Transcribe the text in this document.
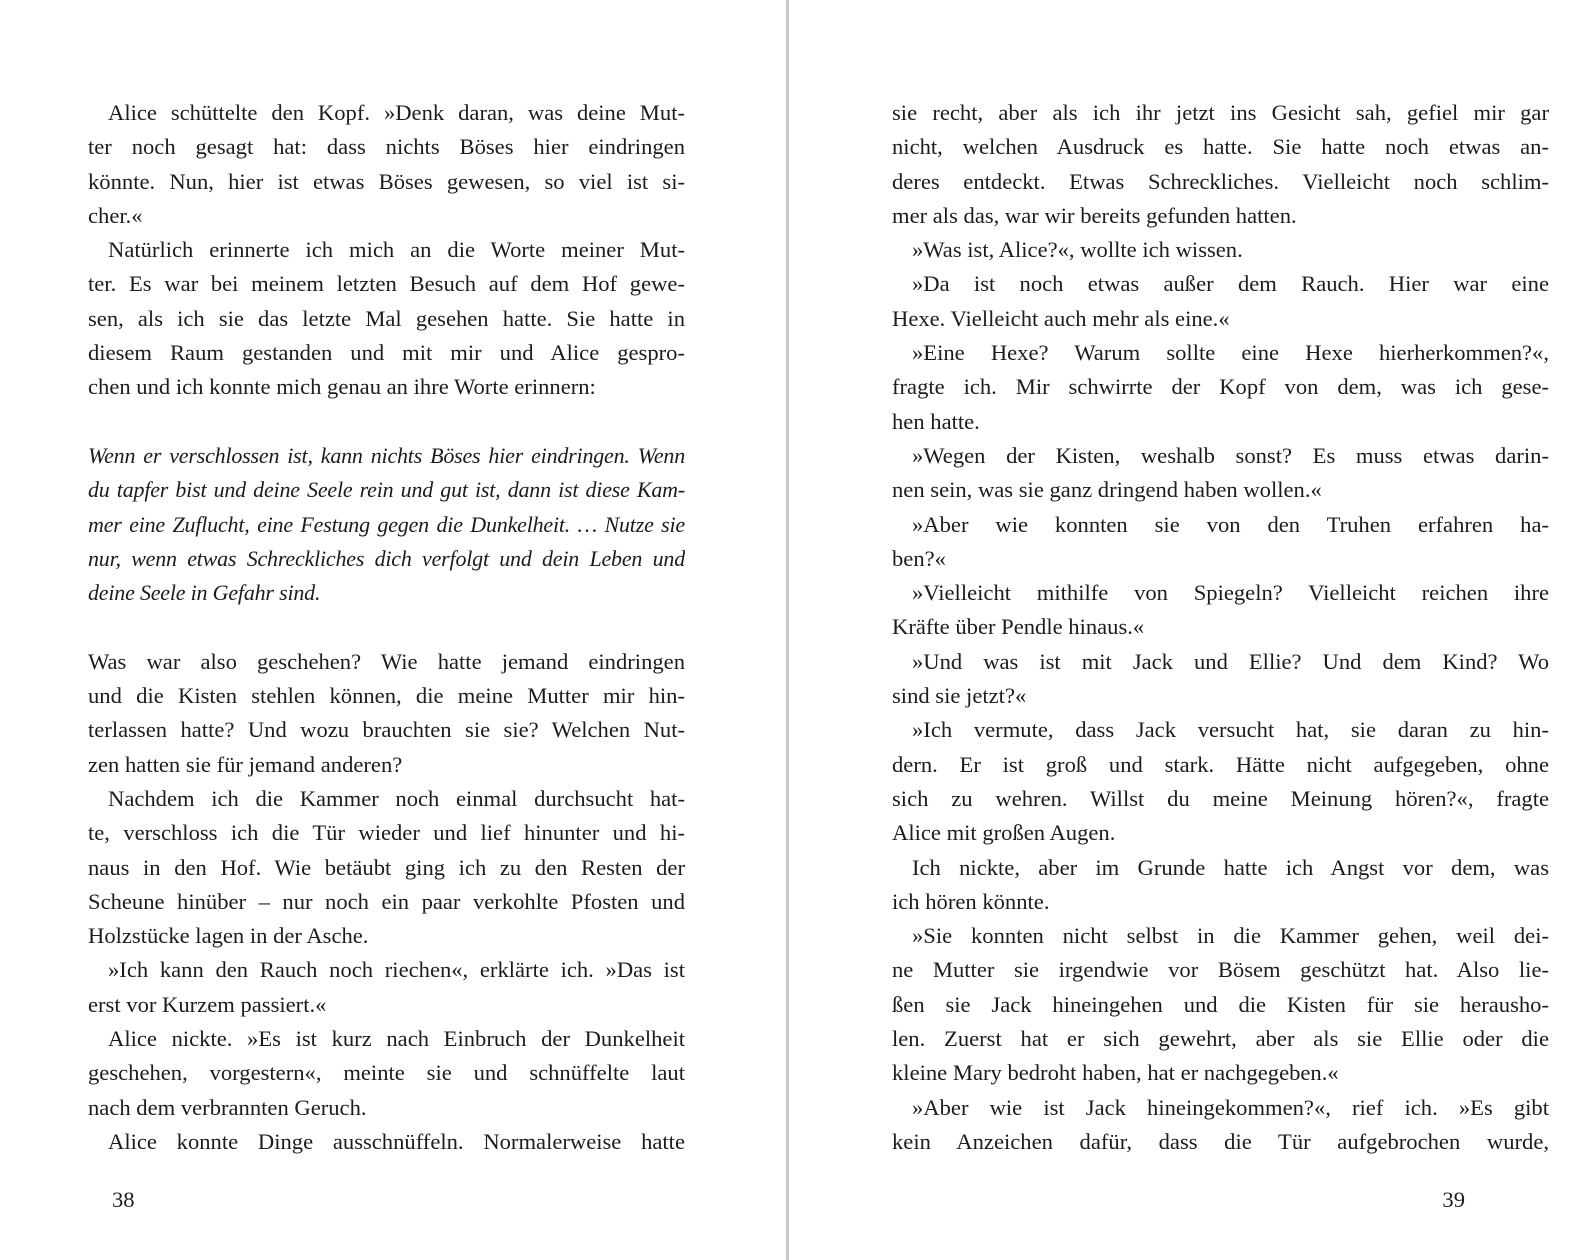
Alice schüttelte den Kopf. »Denk daran, was deine Mut-
ter noch gesagt hat: dass nichts Böses hier eindringen
könnte. Nun, hier ist etwas Böses gewesen, so viel ist si-
cher.«
Natürlich erinnerte ich mich an die Worte meiner Mut-
ter. Es war bei meinem letzten Besuch auf dem Hof gewe-
sen, als ich sie das letzte Mal gesehen hatte. Sie hatte in
diesem Raum gestanden und mit mir und Alice gespro-
chen und ich konnte mich genau an ihre Worte erinnern:
Wenn er verschlossen ist, kann nichts Böses hier eindringen. Wenn
du tapfer bist und deine Seele rein und gut ist, dann ist diese Kam-
mer eine Zuflucht, eine Festung gegen die Dunkelheit. … Nutze sie
nur, wenn etwas Schreckliches dich verfolgt und dein Leben und
deine Seele in Gefahr sind.
Was war also geschehen? Wie hatte jemand eindringen
und die Kisten stehlen können, die meine Mutter mir hin-
terlassen hatte? Und wozu brauchten sie sie? Welchen Nut-
zen hatten sie für jemand anderen?
Nachdem ich die Kammer noch einmal durchsucht hat-
te, verschloss ich die Tür wieder und lief hinunter und hi-
naus in den Hof. Wie betäubt ging ich zu den Resten der
Scheune hinüber – nur noch ein paar verkohlte Pfosten und
Holzstücke lagen in der Asche.
»Ich kann den Rauch noch riechen«, erklärte ich. »Das ist
erst vor Kurzem passiert.«
Alice nickte. »Es ist kurz nach Einbruch der Dunkelheit
geschehen, vorgestern«, meinte sie und schnüffelte laut
nach dem verbrannten Geruch.
Alice konnte Dinge ausschnüffeln. Normalerweise hatte
38
sie recht, aber als ich ihr jetzt ins Gesicht sah, gefiel mir gar
nicht, welchen Ausdruck es hatte. Sie hatte noch etwas an-
deres entdeckt. Etwas Schreckliches. Vielleicht noch schlim-
mer als das, war wir bereits gefunden hatten.
»Was ist, Alice?«, wollte ich wissen.
»Da ist noch etwas außer dem Rauch. Hier war eine
Hexe. Vielleicht auch mehr als eine.«
»Eine Hexe? Warum sollte eine Hexe hierherkommen?«,
fragte ich. Mir schwirrte der Kopf von dem, was ich gese-
hen hatte.
»Wegen der Kisten, weshalb sonst? Es muss etwas darin-
nen sein, was sie ganz dringend haben wollen.«
»Aber wie konnten sie von den Truhen erfahren ha-
ben?«
»Vielleicht mithilfe von Spiegeln? Vielleicht reichen ihre
Kräfte über Pendle hinaus.«
»Und was ist mit Jack und Ellie? Und dem Kind? Wo
sind sie jetzt?«
»Ich vermute, dass Jack versucht hat, sie daran zu hin-
dern. Er ist groß und stark. Hätte nicht aufgegeben, ohne
sich zu wehren. Willst du meine Meinung hören?«, fragte
Alice mit großen Augen.
Ich nickte, aber im Grunde hatte ich Angst vor dem, was
ich hören könnte.
»Sie konnten nicht selbst in die Kammer gehen, weil dei-
ne Mutter sie irgendwie vor Bösem geschützt hat. Also lie-
ßen sie Jack hineingehen und die Kisten für sie herausho-
len. Zuerst hat er sich gewehrt, aber als sie Ellie oder die
kleine Mary bedroht haben, hat er nachgegeben.«
»Aber wie ist Jack hineingekommen?«, rief ich. »Es gibt
kein Anzeichen dafür, dass die Tür aufgebrochen wurde,
39
